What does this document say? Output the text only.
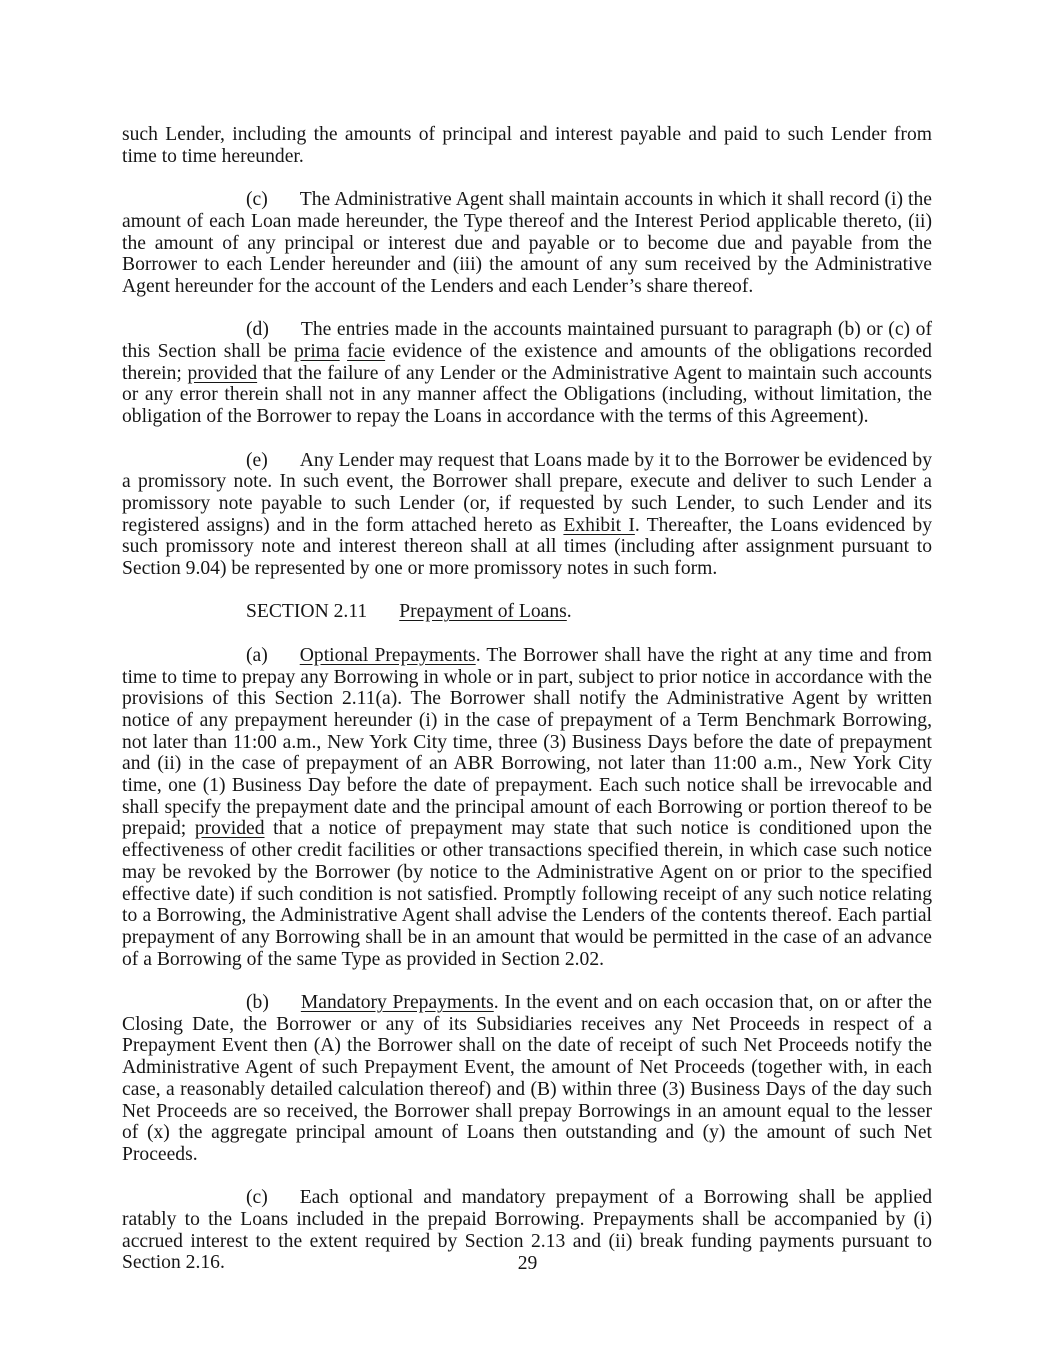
such Lender, including the amounts of principal and interest payable and paid to such Lender from time to time hereunder.

(c) The Administrative Agent shall maintain accounts in which it shall record (i) the amount of each Loan made hereunder, the Type thereof and the Interest Period applicable thereto, (ii) the amount of any principal or interest due and payable or to become due and payable from the Borrower to each Lender hereunder and (iii) the amount of any sum received by the Administrative Agent hereunder for the account of the Lenders and each Lender’s share thereof.

(d) The entries made in the accounts maintained pursuant to paragraph (b) or (c) of this Section shall be prima facie evidence of the existence and amounts of the obligations recorded therein; provided that the failure of any Lender or the Administrative Agent to maintain such accounts or any error therein shall not in any manner affect the Obligations (including, without limitation, the obligation of the Borrower to repay the Loans in accordance with the terms of this Agreement).

(e) Any Lender may request that Loans made by it to the Borrower be evidenced by a promissory note. In such event, the Borrower shall prepare, execute and deliver to such Lender a promissory note payable to such Lender (or, if requested by such Lender, to such Lender and its registered assigns) and in the form attached hereto as Exhibit I. Thereafter, the Loans evidenced by such promissory note and interest thereon shall at all times (including after assignment pursuant to Section 9.04) be represented by one or more promissory notes in such form.

SECTION 2.11 Prepayment of Loans.

(a) Optional Prepayments. The Borrower shall have the right at any time and from time to time to prepay any Borrowing in whole or in part, subject to prior notice in accordance with the provisions of this Section 2.11(a). The Borrower shall notify the Administrative Agent by written notice of any prepayment hereunder (i) in the case of prepayment of a Term Benchmark Borrowing, not later than 11:00 a.m., New York City time, three (3) Business Days before the date of prepayment and (ii) in the case of prepayment of an ABR Borrowing, not later than 11:00 a.m., New York City time, one (1) Business Day before the date of prepayment. Each such notice shall be irrevocable and shall specify the prepayment date and the principal amount of each Borrowing or portion thereof to be prepaid; provided that a notice of prepayment may state that such notice is conditioned upon the effectiveness of other credit facilities or other transactions specified therein, in which case such notice may be revoked by the Borrower (by notice to the Administrative Agent on or prior to the specified effective date) if such condition is not satisfied. Promptly following receipt of any such notice relating to a Borrowing, the Administrative Agent shall advise the Lenders of the contents thereof. Each partial prepayment of any Borrowing shall be in an amount that would be permitted in the case of an advance of a Borrowing of the same Type as provided in Section 2.02.

(b) Mandatory Prepayments. In the event and on each occasion that, on or after the Closing Date, the Borrower or any of its Subsidiaries receives any Net Proceeds in respect of a Prepayment Event then (A) the Borrower shall on the date of receipt of such Net Proceeds notify the Administrative Agent of such Prepayment Event, the amount of Net Proceeds (together with, in each case, a reasonably detailed calculation thereof) and (B) within three (3) Business Days of the day such Net Proceeds are so received, the Borrower shall prepay Borrowings in an amount equal to the lesser of (x) the aggregate principal amount of Loans then outstanding and (y) the amount of such Net Proceeds.

(c) Each optional and mandatory prepayment of a Borrowing shall be applied ratably to the Loans included in the prepaid Borrowing. Prepayments shall be accompanied by (i) accrued interest to the extent required by Section 2.13 and (ii) break funding payments pursuant to Section 2.16.	29
